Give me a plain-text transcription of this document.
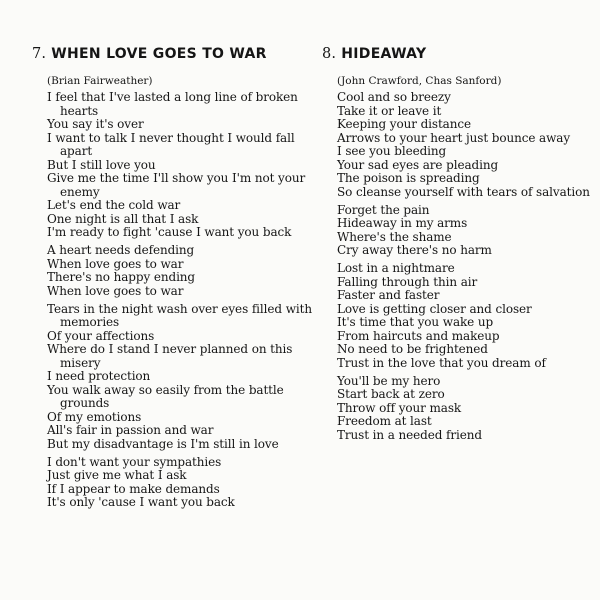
7. WHEN LOVE GOES TO WAR
(Brian Fairweather)
I feel that I've lasted a long line of broken hearts
You say it's over
I want to talk I never thought I would fall apart
But I still love you
Give me the time I'll show you I'm not your enemy
Let's end the cold war
One night is all that I ask
I'm ready to fight 'cause I want you back
A heart needs defending
When love goes to war
There's no happy ending
When love goes to war
Tears in the night wash over eyes filled with memories
Of your affections
Where do I stand I never planned on this misery
I need protection
You walk away so easily from the battle grounds
Of my emotions
All's fair in passion and war
But my disadvantage is I'm still in love
I don't want your sympathies
Just give me what I ask
If I appear to make demands
It's only 'cause I want you back
8. HIDEAWAY
(John Crawford, Chas Sanford)
Cool and so breezy
Take it or leave it
Keeping your distance
Arrows to your heart just bounce away
I see you bleeding
Your sad eyes are pleading
The poison is spreading
So cleanse yourself with tears of salvation
Forget the pain
Hideaway in my arms
Where's the shame
Cry away there's no harm
Lost in a nightmare
Falling through thin air
Faster and faster
Love is getting closer and closer
It's time that you wake up
From haircuts and makeup
No need to be frightened
Trust in the love that you dream of
You'll be my hero
Start back at zero
Throw off your mask
Freedom at last
Trust in a needed friend
